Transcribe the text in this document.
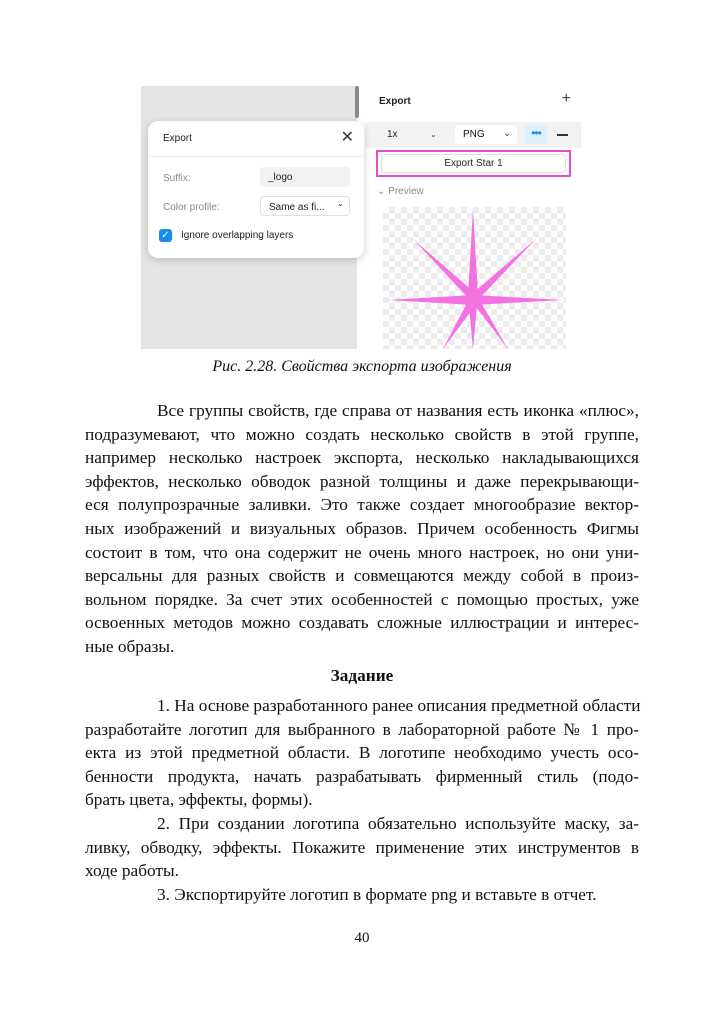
Export	+
1x	⌄	PNG ⌄	•••
Export Star 1
⌄ Preview
Export	✕
Suffix:	_logo
Color profile:	Same as fi... ⌄
✓ Ignore overlapping layers
Рис. 2.28. Свойства экспорта изображения
Все группы свойств, где справа от названия есть иконка «плюс»,
подразумевают, что можно создать несколько свойств в этой группе,
например несколько настроек экспорта, несколько накладывающихся
эффектов, несколько обводок разной толщины и даже перекрывающи-
еся полупрозрачные заливки. Это также создает многообразие вектор-
ных изображений и визуальных образов. Причем особенность Фигмы
состоит в том, что она содержит не очень много настроек, но они уни-
версальны для разных свойств и совмещаются между собой в произ-
вольном порядке. За счет этих особенностей с помощью простых, уже
освоенных методов можно создавать сложные иллюстрации и интерес-
ные образы.
Задание
1. На основе разработанного ранее описания предметной области
разработайте логотип для выбранного в лабораторной работе № 1 про-
екта из этой предметной области. В логотипе необходимо учесть осо-
бенности продукта, начать разрабатывать фирменный стиль (подо-
брать цвета, эффекты, формы).
2. При создании логотипа обязательно используйте маску, за-
ливку, обводку, эффекты. Покажите применение этих инструментов в
ходе работы.
3. Экспортируйте логотип в формате png и вставьте в отчет.
40
